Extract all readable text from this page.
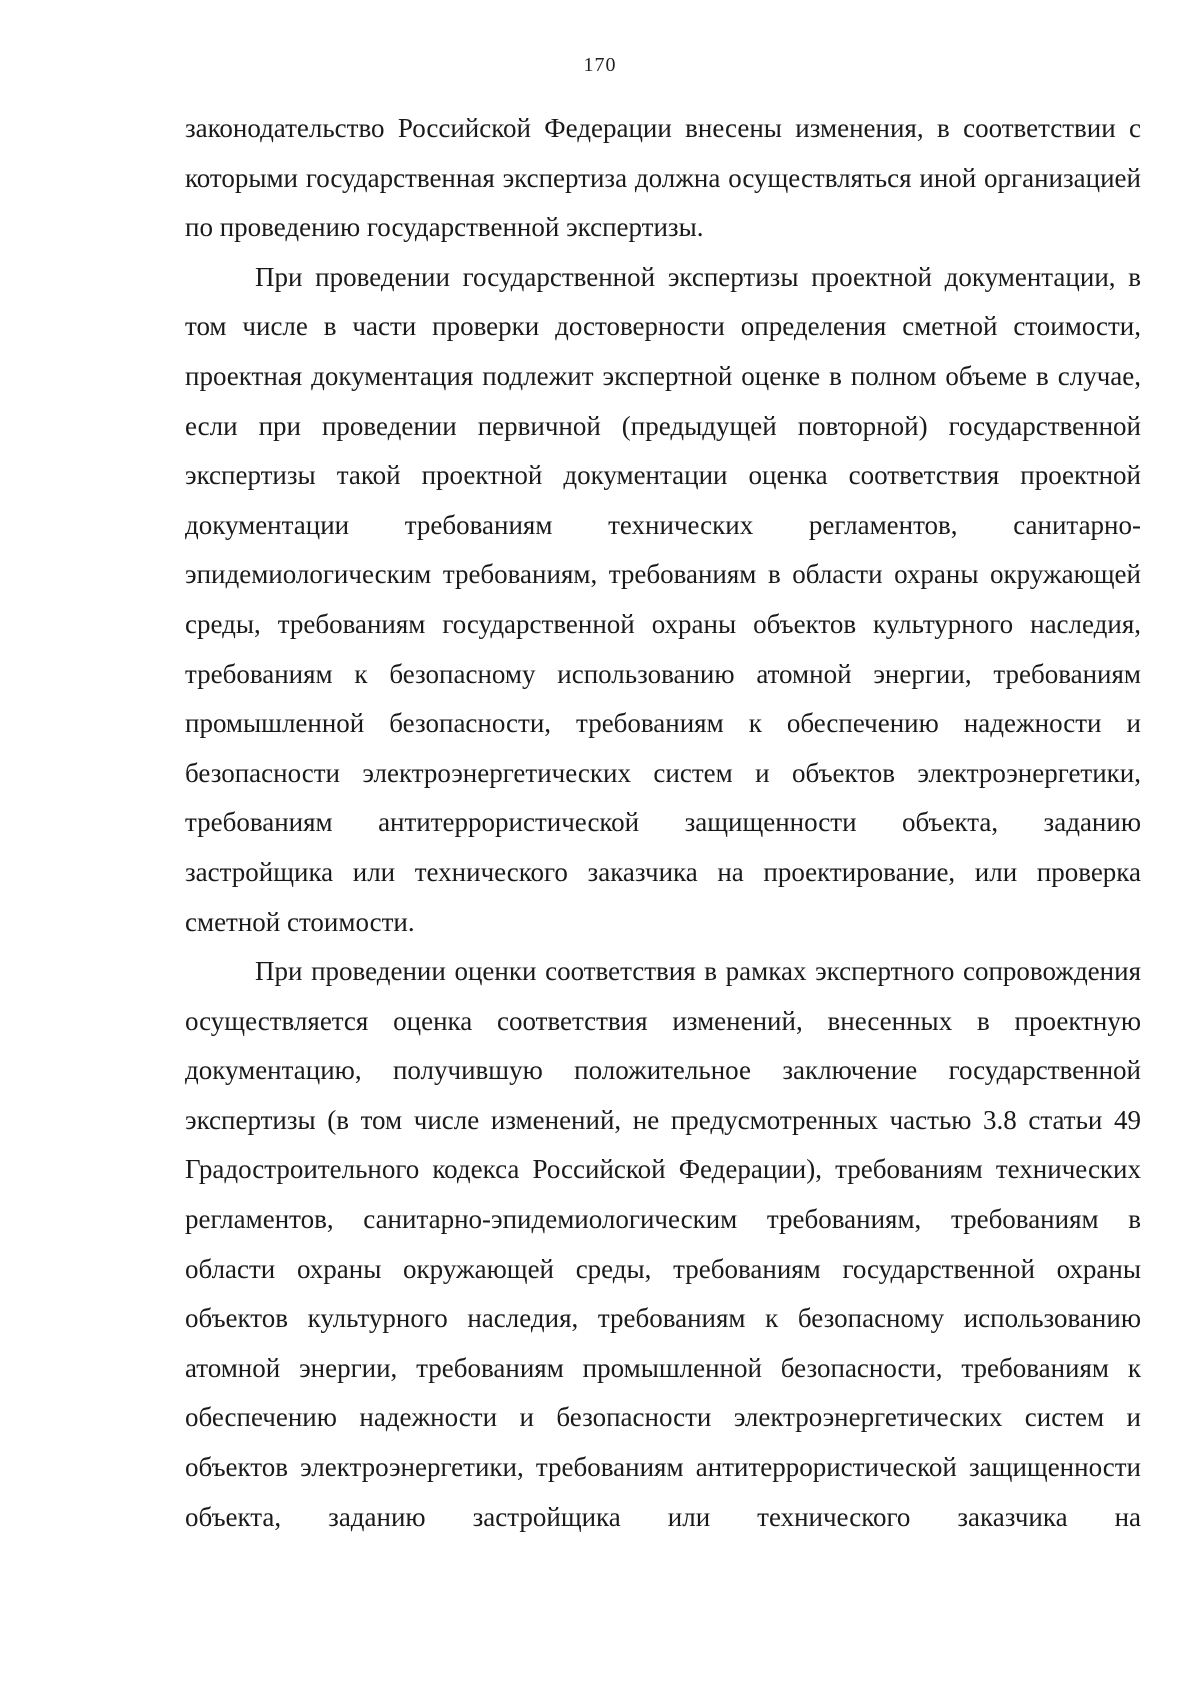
170

законодательство Российской Федерации внесены изменения, в соответствии с которыми государственная экспертиза должна осуществляться иной организацией по проведению государственной экспертизы.

При проведении государственной экспертизы проектной документации, в том числе в части проверки достоверности определения сметной стоимости, проектная документация подлежит экспертной оценке в полном объеме в случае, если при проведении первичной (предыдущей повторной) государственной экспертизы такой проектной документации оценка соответствия проектной документации требованиям технических регламентов, санитарно-эпидемиологическим требованиям, требованиям в области охраны окружающей среды, требованиям государственной охраны объектов культурного наследия, требованиям к безопасному использованию атомной энергии, требованиям промышленной безопасности, требованиям к обеспечению надежности и безопасности электроэнергетических систем и объектов электроэнергетики, требованиям антитеррористической защищенности объекта, заданию застройщика или технического заказчика на проектирование, или проверка сметной стоимости.

При проведении оценки соответствия в рамках экспертного сопровождения осуществляется оценка соответствия изменений, внесенных в проектную документацию, получившую положительное заключение государственной экспертизы (в том числе изменений, не предусмотренных частью 3.8 статьи 49 Градостроительного кодекса Российской Федерации), требованиям технических регламентов, санитарно-эпидемиологическим требованиям, требованиям в области охраны окружающей среды, требованиям государственной охраны объектов культурного наследия, требованиям к безопасному использованию атомной энергии, требованиям промышленной безопасности, требованиям к обеспечению надежности и безопасности электроэнергетических систем и объектов электроэнергетики, требованиям антитеррористической защищенности объекта, заданию застройщика или технического заказчика на
